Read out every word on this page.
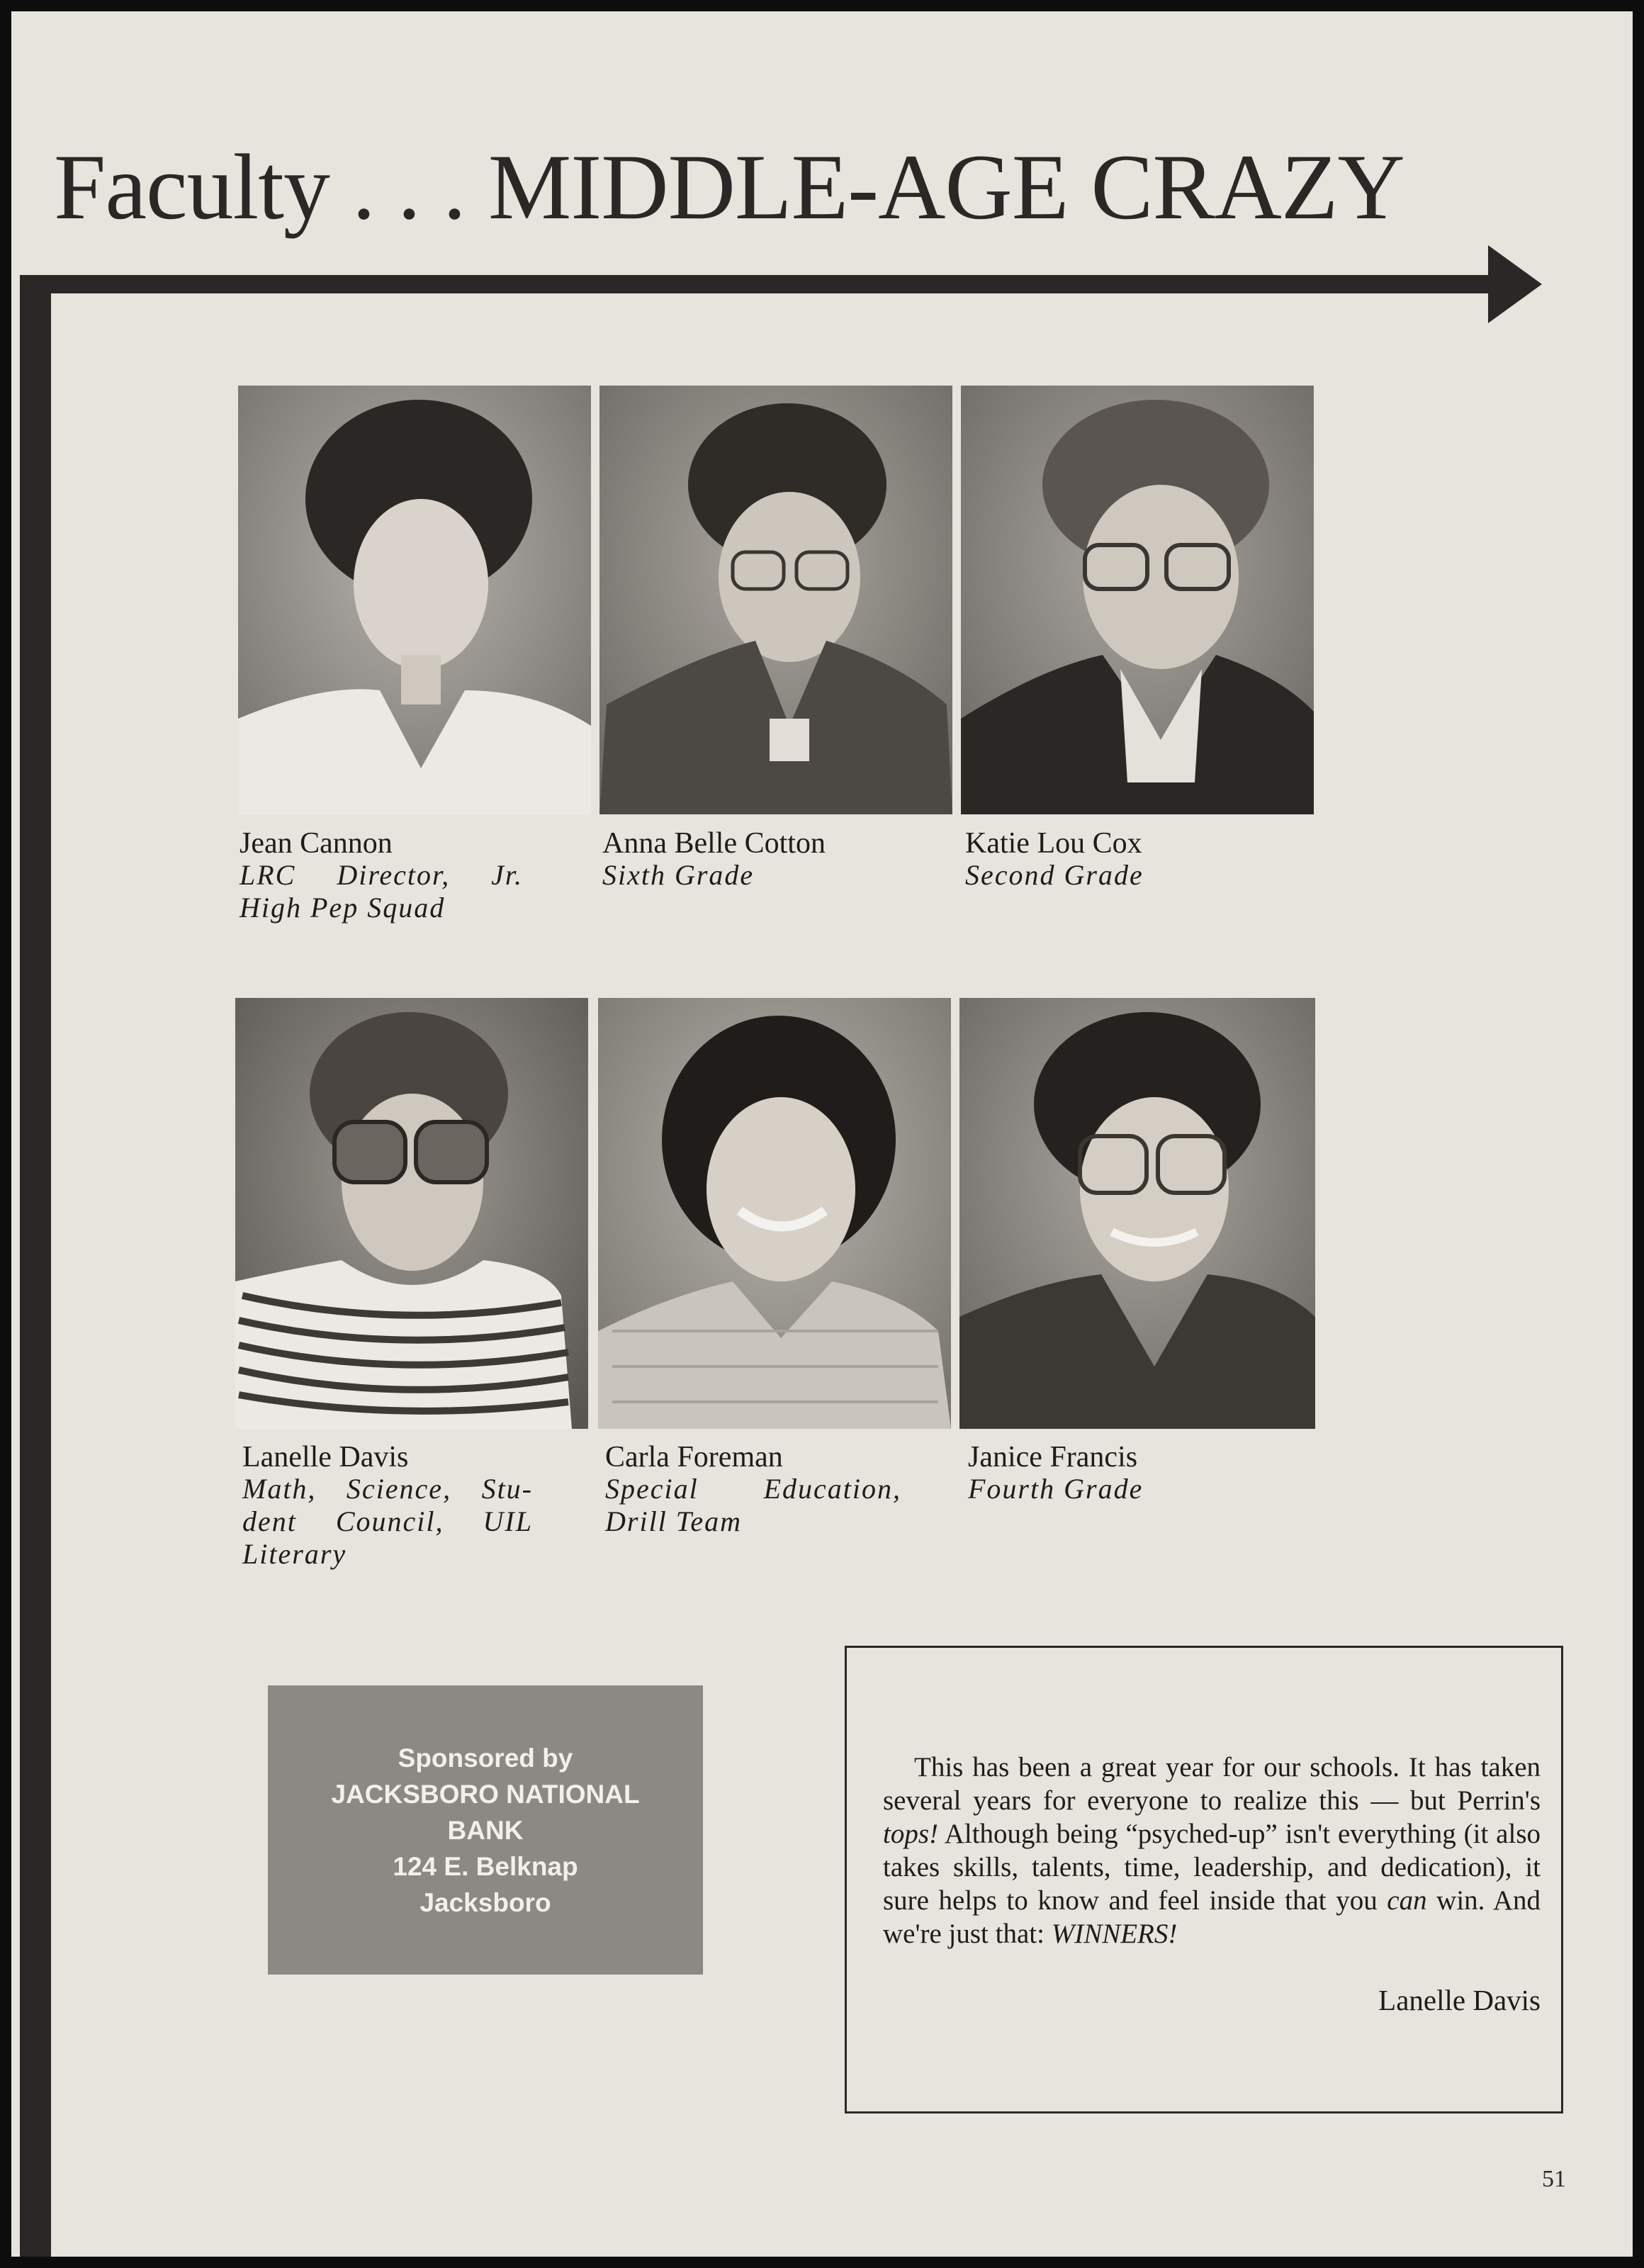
Faculty . . . MIDDLE-AGE CRAZY
Jean Cannon
LRC Director, Jr. High Pep Squad
Anna Belle Cotton
Sixth Grade
Katie Lou Cox
Second Grade
Lanelle Davis
Math, Science, Stu- dent Council, UIL Literary
Carla Foreman
Special Education, Drill Team
Janice Francis
Fourth Grade
Sponsored by
JACKSBORO NATIONAL
BANK
124 E. Belknap
Jacksboro

This has been a great year for our schools. It has taken several years for everyone to realize this — but Perrin's tops! Although being “psyched-up” isn't everything (it also takes skills, talents, time, leadership, and dedication), it sure helps to know and feel inside that you can win. And we're just that: WINNERS!

Lanelle Davis
51
